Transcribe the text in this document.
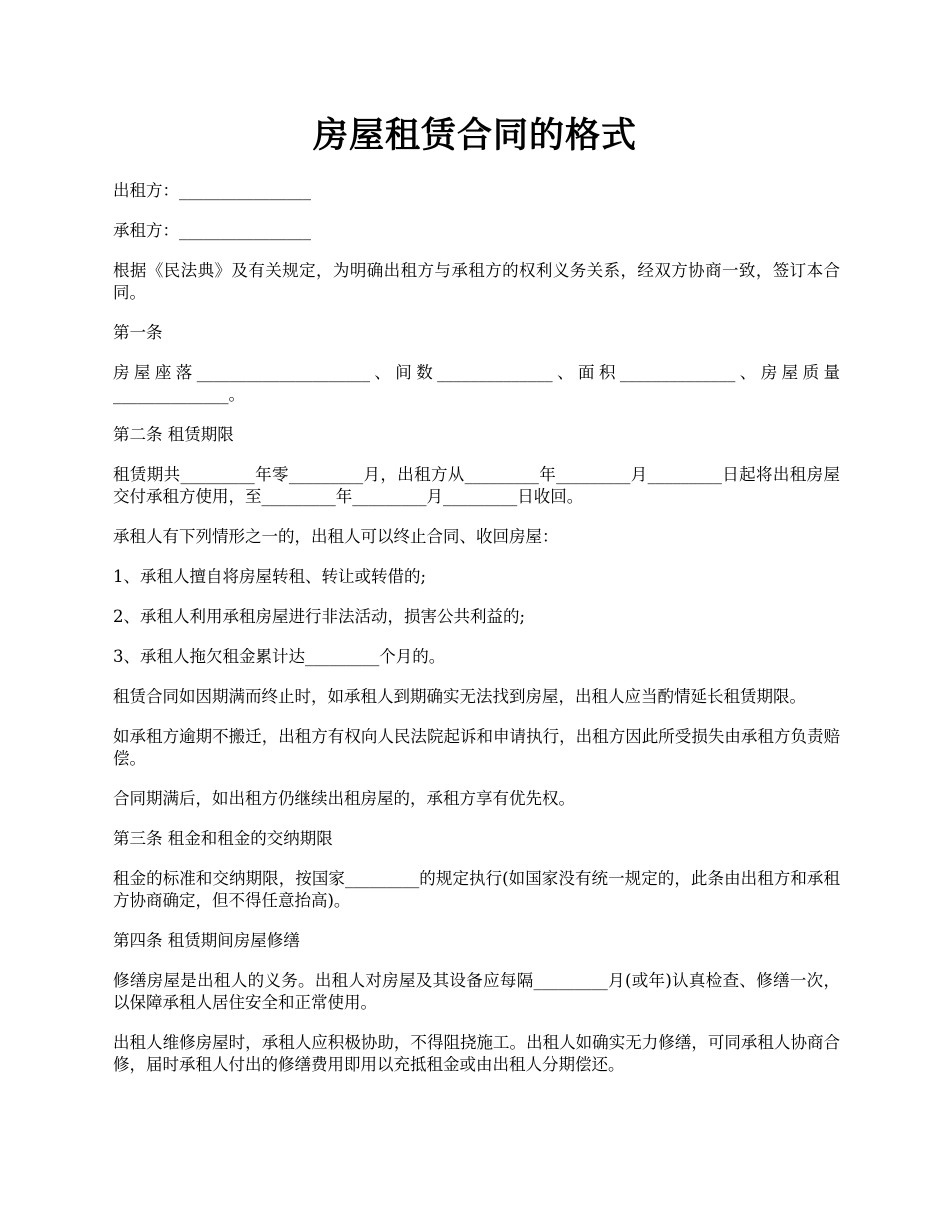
房屋租赁合同的格式

出租方：________________

承租方：________________

根据《民法典》及有关规定，为明确出租方与承租方的权利义务关系，经双方协商一致，签订本合同。

第一条

房屋座落_____________________、间数______________、面积______________、房屋质量______________。

第二条 租赁期限

租赁期共_________年零_________月，出租方从_________年_________月_________日起将出租房屋交付承租方使用，至_________年_________月_________日收回。

承租人有下列情形之一的，出租人可以终止合同、收回房屋：

1、承租人擅自将房屋转租、转让或转借的;

2、承租人利用承租房屋进行非法活动，损害公共利益的;

3、承租人拖欠租金累计达_________个月的。

租赁合同如因期满而终止时，如承租人到期确实无法找到房屋，出租人应当酌情延长租赁期限。

如承租方逾期不搬迁，出租方有权向人民法院起诉和申请执行，出租方因此所受损失由承租方负责赔偿。

合同期满后，如出租方仍继续出租房屋的，承租方享有优先权。

第三条 租金和租金的交纳期限

租金的标准和交纳期限，按国家_________的规定执行(如国家没有统一规定的，此条由出租方和承租方协商确定，但不得任意抬高)。

第四条 租赁期间房屋修缮

修缮房屋是出租人的义务。出租人对房屋及其设备应每隔_________月(或年)认真检查、修缮一次，以保障承租人居住安全和正常使用。

出租人维修房屋时，承租人应积极协助，不得阻挠施工。出租人如确实无力修缮，可同承租人协商合修，届时承租人付出的修缮费用即用以充抵租金或由出租人分期偿还。
